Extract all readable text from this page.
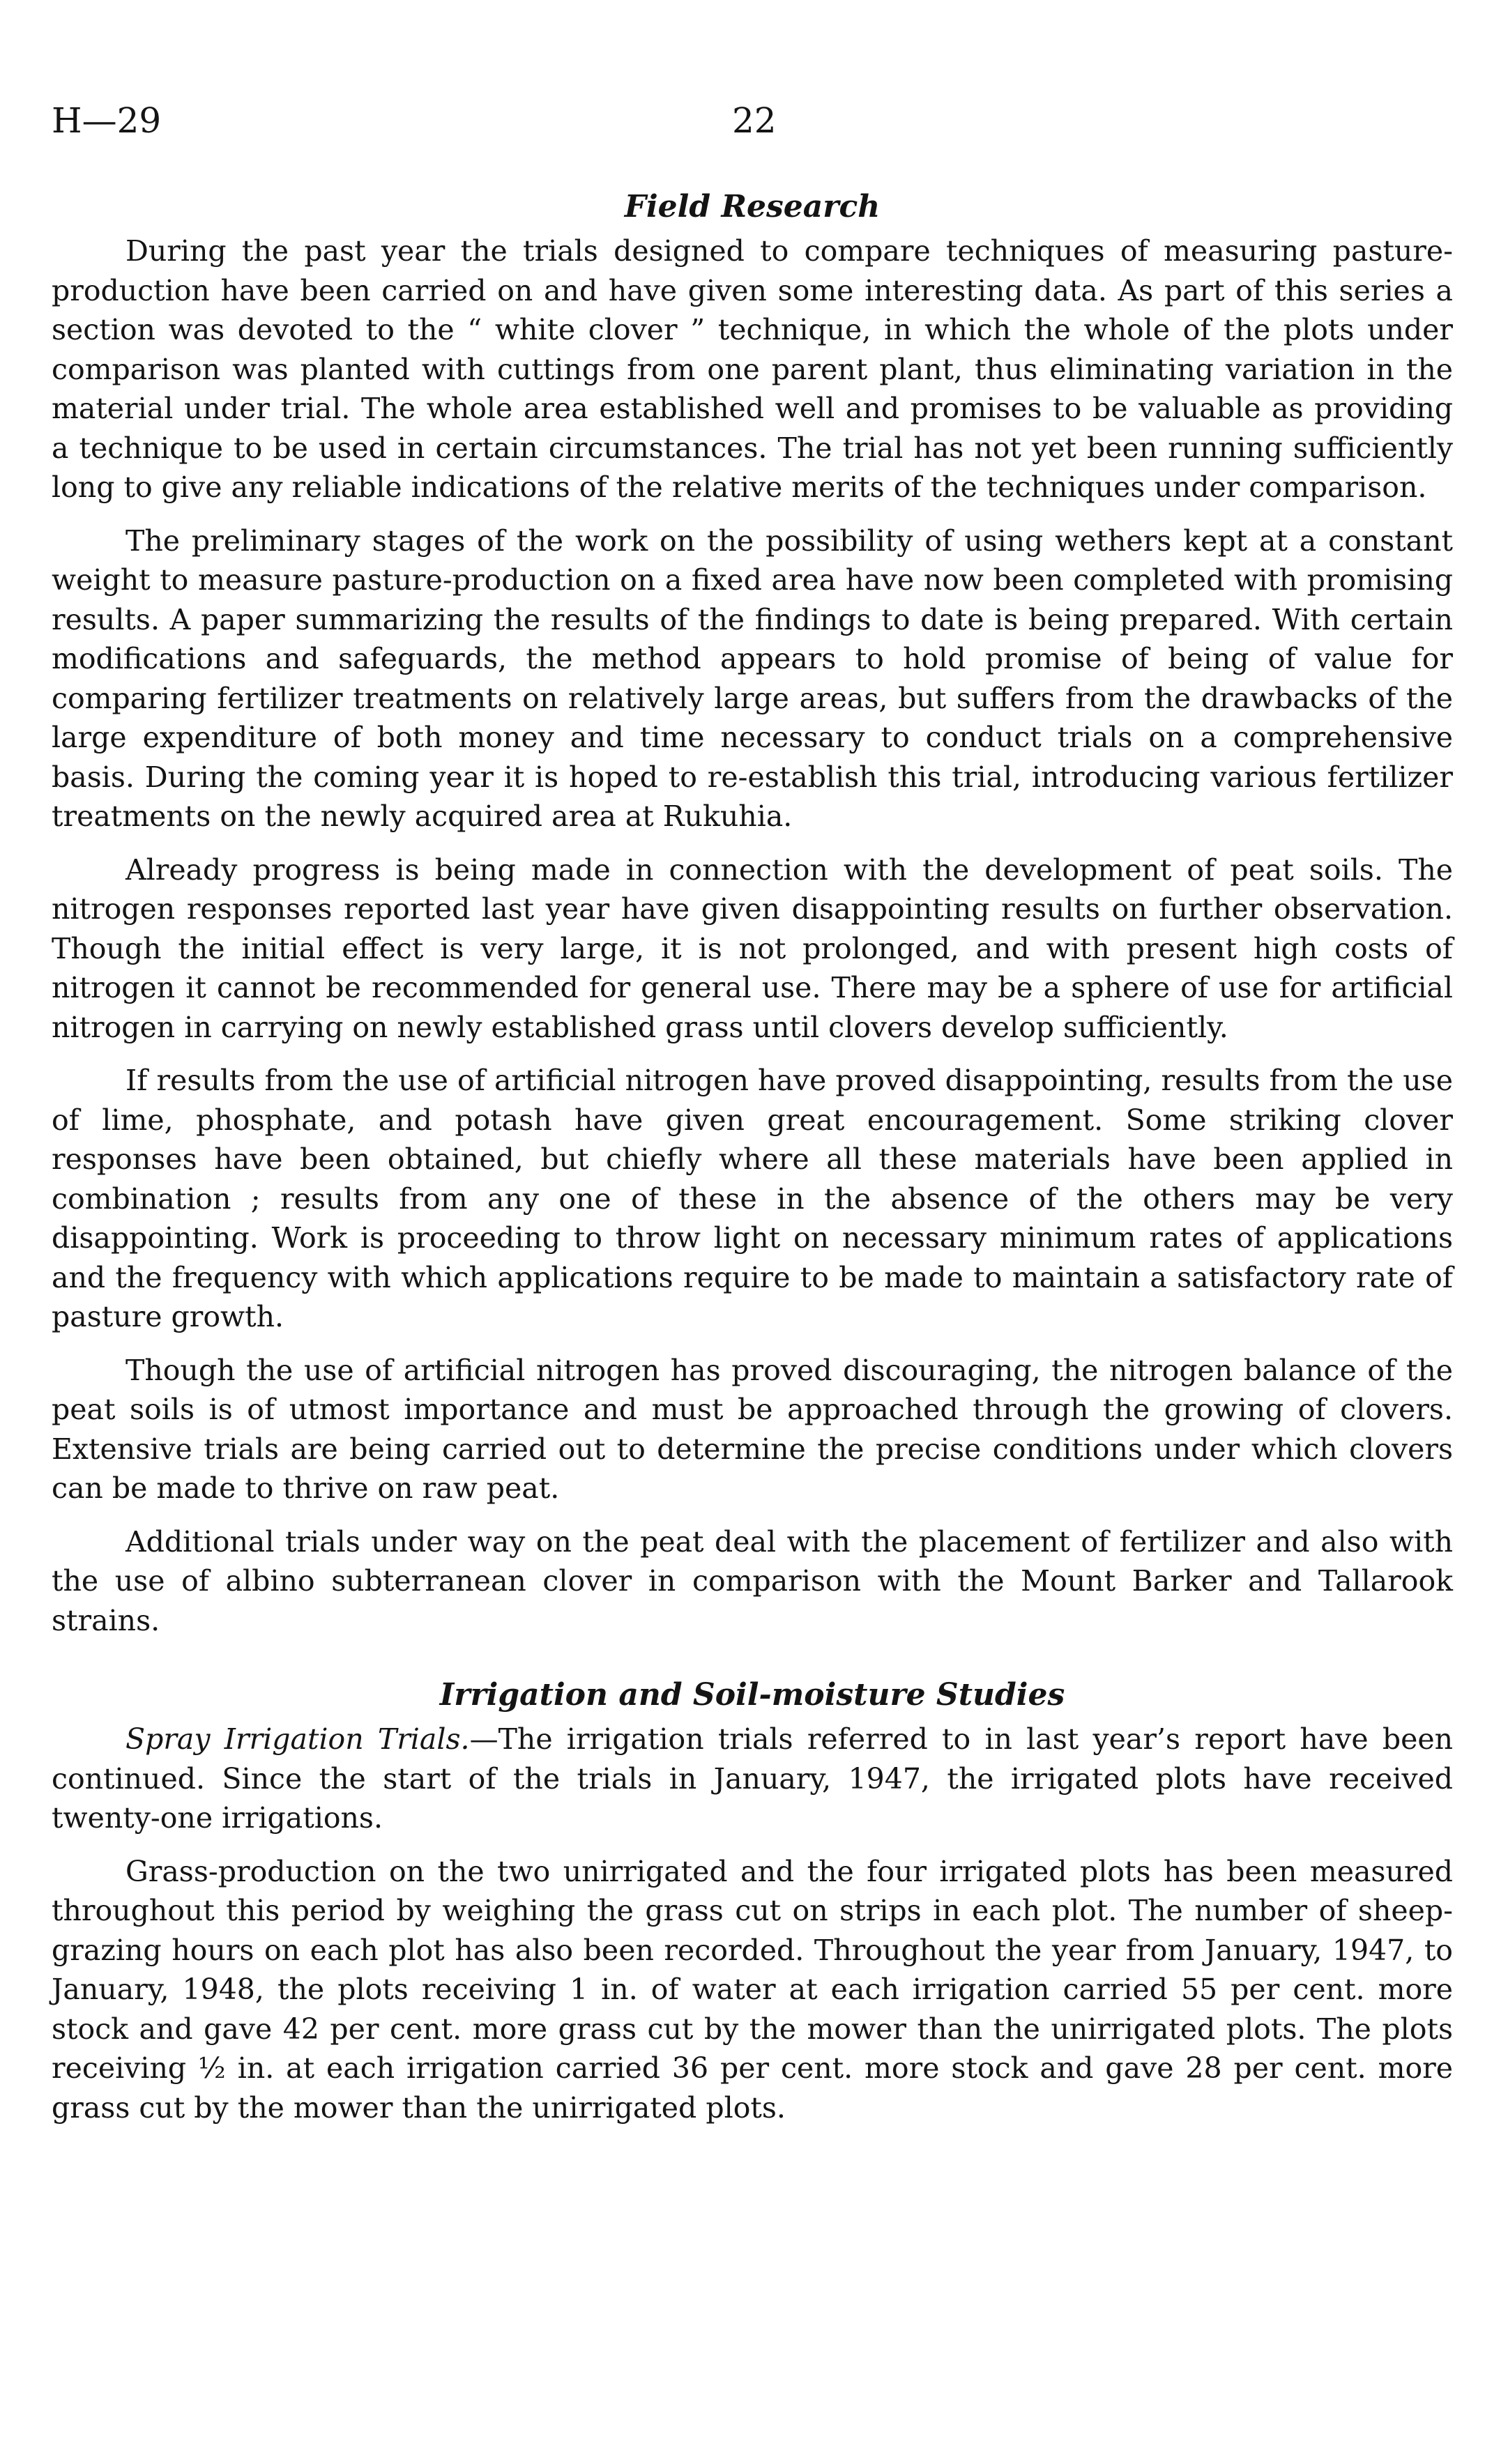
H—29	22
Field Research

During the past year the trials designed to compare techniques of measuring pasture-production have been carried on and have given some interesting data. As part of this series a section was devoted to the “ white clover ” technique, in which the whole of the plots under comparison was planted with cuttings from one parent plant, thus eliminating variation in the material under trial. The whole area established well and promises to be valuable as providing a technique to be used in certain circumstances. The trial has not yet been running sufficiently long to give any reliable indications of the relative merits of the techniques under comparison.

The preliminary stages of the work on the possibility of using wethers kept at a constant weight to measure pasture-production on a fixed area have now been completed with promising results. A paper summarizing the results of the findings to date is being prepared. With certain modifications and safeguards, the method appears to hold promise of being of value for comparing fertilizer treatments on relatively large areas, but suffers from the drawbacks of the large expenditure of both money and time necessary to conduct trials on a comprehensive basis. During the coming year it is hoped to re-establish this trial, introducing various fertilizer treatments on the newly acquired area at Rukuhia.

Already progress is being made in connection with the development of peat soils. The nitrogen responses reported last year have given disappointing results on further observation. Though the initial effect is very large, it is not prolonged, and with present high costs of nitrogen it cannot be recommended for general use. There may be a sphere of use for artificial nitrogen in carrying on newly established grass until clovers develop sufficiently.

If results from the use of artificial nitrogen have proved disappointing, results from the use of lime, phosphate, and potash have given great encouragement. Some striking clover responses have been obtained, but chiefly where all these materials have been applied in combination ; results from any one of these in the absence of the others may be very disappointing. Work is proceeding to throw light on necessary minimum rates of applications and the frequency with which applications require to be made to maintain a satisfactory rate of pasture growth.

Though the use of artificial nitrogen has proved discouraging, the nitrogen balance of the peat soils is of utmost importance and must be approached through the growing of clovers. Extensive trials are being carried out to determine the precise conditions under which clovers can be made to thrive on raw peat.

Additional trials under way on the peat deal with the placement of fertilizer and also with the use of albino subterranean clover in comparison with the Mount Barker and Tallarook strains.

Irrigation and Soil-moisture Studies

Spray Irrigation Trials.—The irrigation trials referred to in last year’s report have been continued. Since the start of the trials in January, 1947, the irrigated plots have received twenty-one irrigations.

Grass-production on the two unirrigated and the four irrigated plots has been measured throughout this period by weighing the grass cut on strips in each plot. The number of sheep-grazing hours on each plot has also been recorded. Throughout the year from January, 1947, to January, 1948, the plots receiving 1 in. of water at each irrigation carried 55 per cent. more stock and gave 42 per cent. more grass cut by the mower than the unirrigated plots. The plots receiving ½ in. at each irrigation carried 36 per cent. more stock and gave 28 per cent. more grass cut by the mower than the unirrigated plots.
